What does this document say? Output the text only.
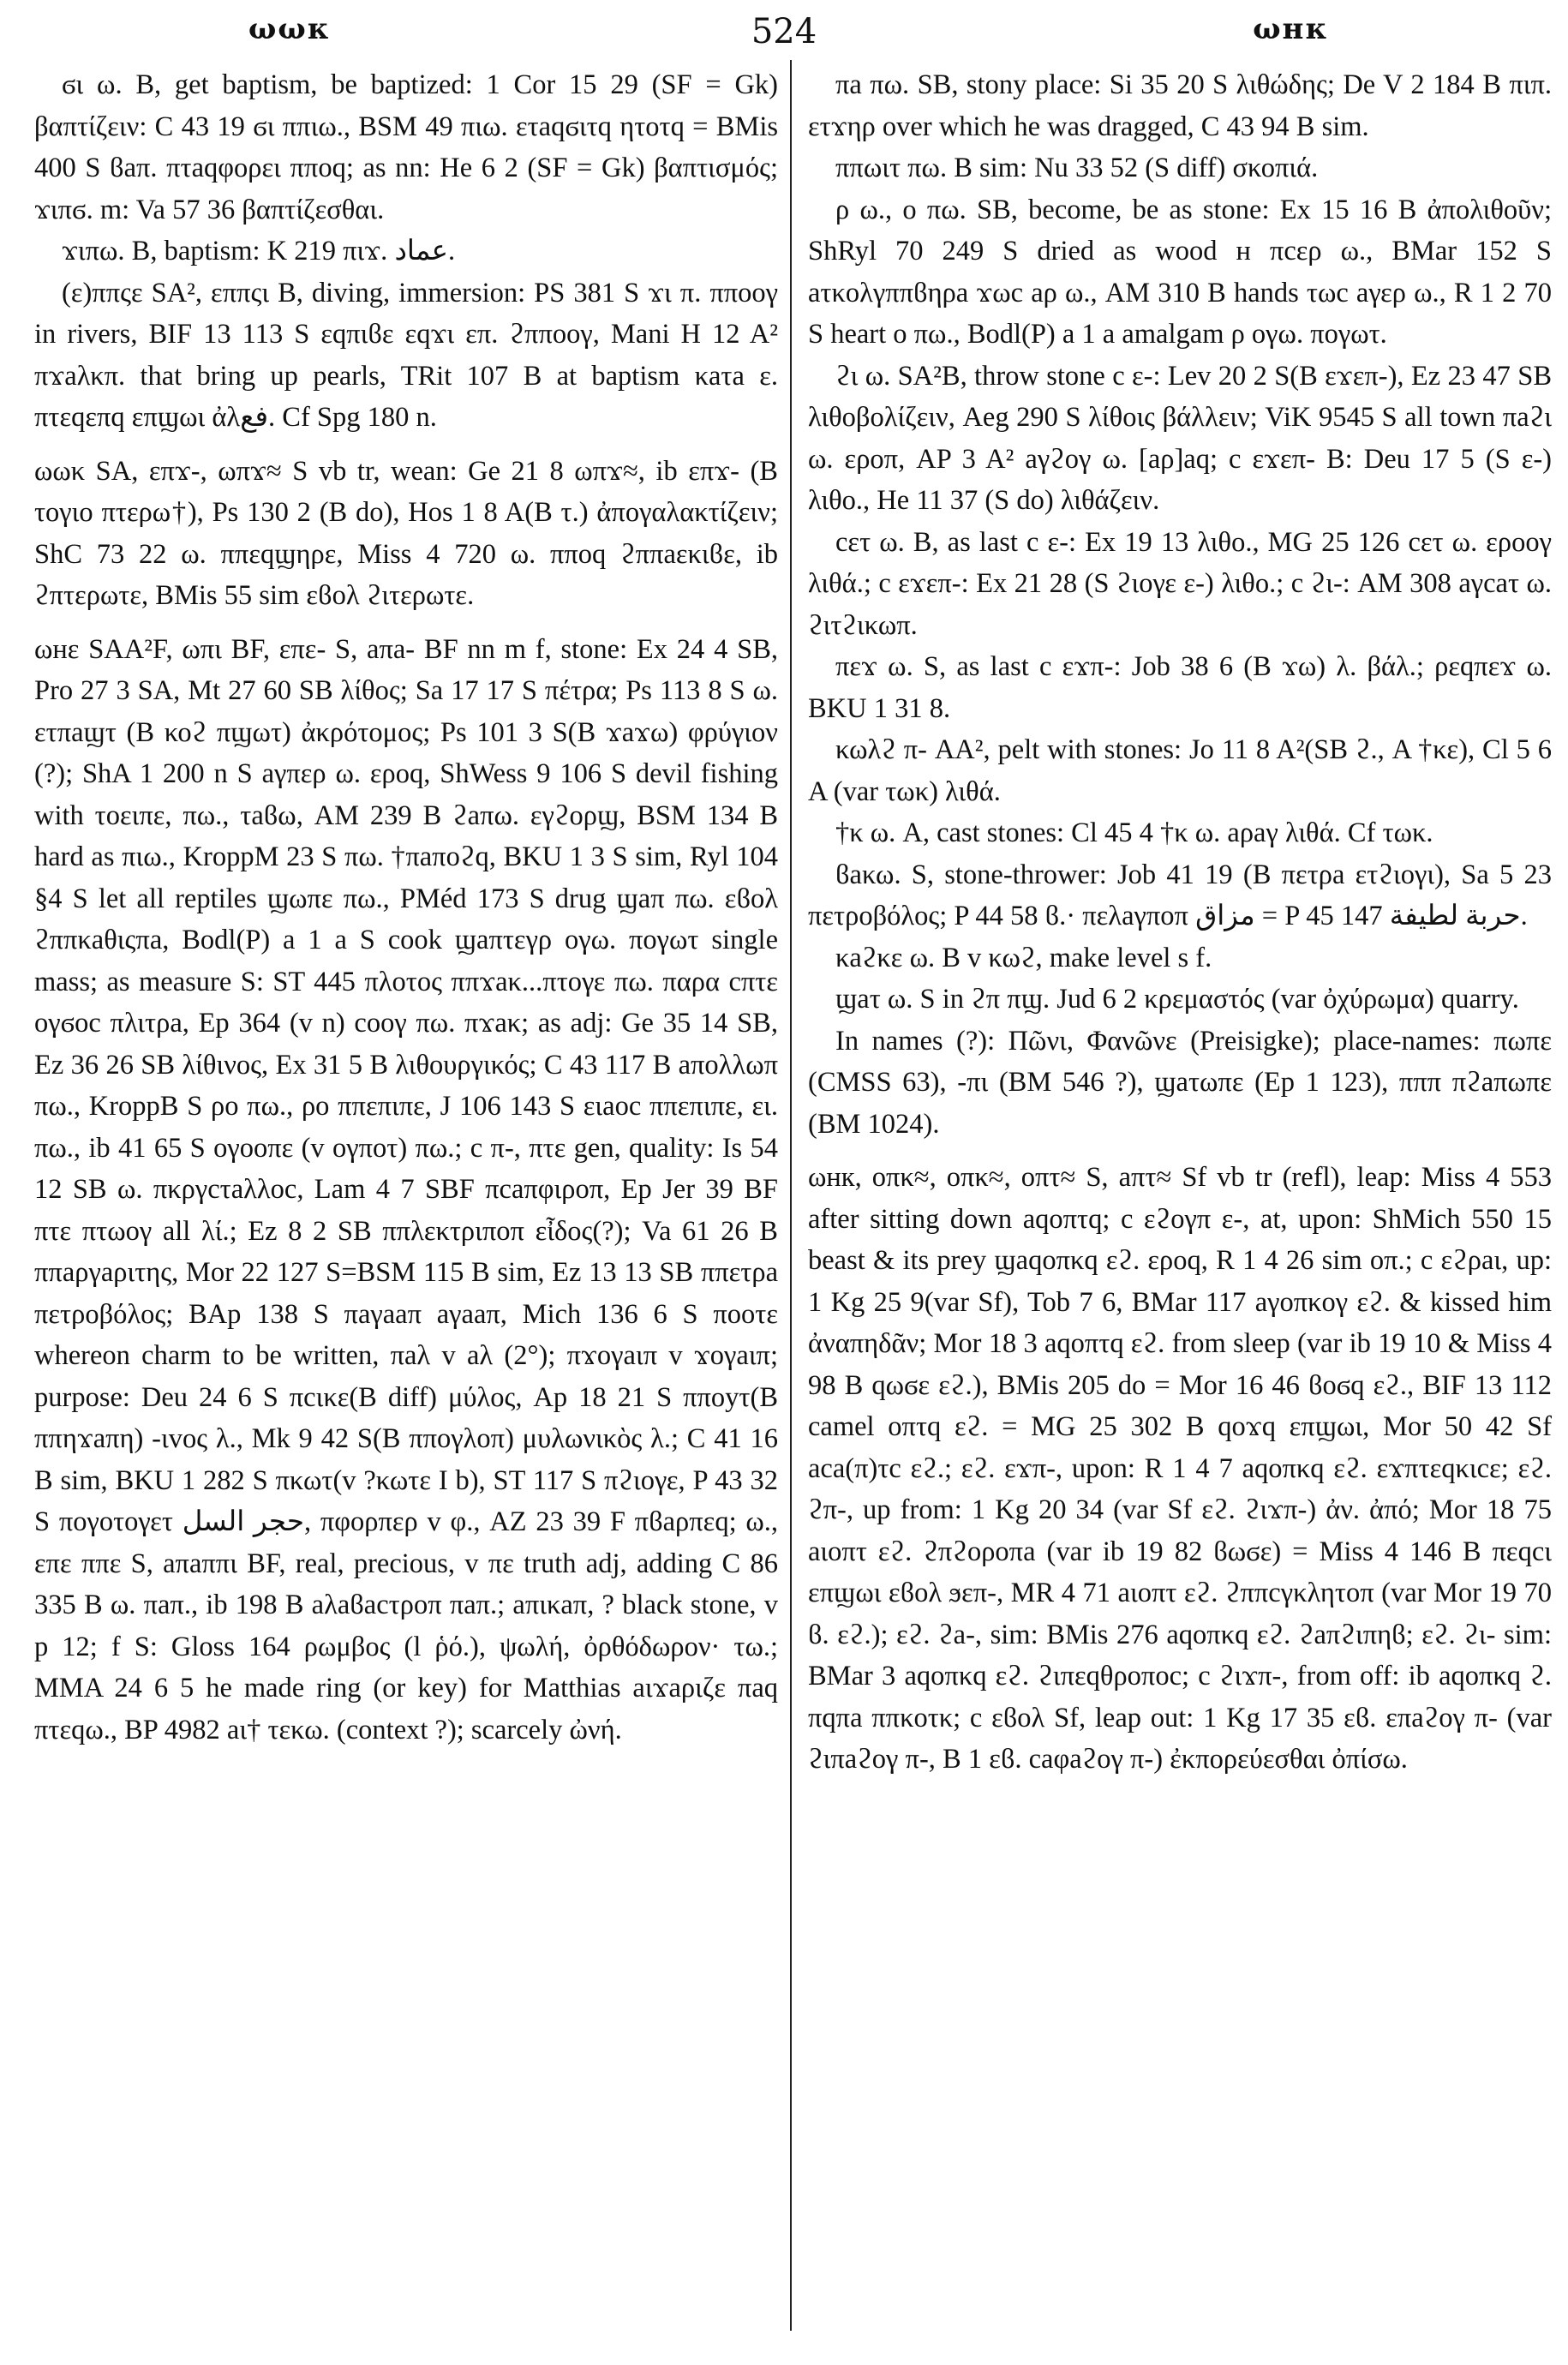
ωωκ	524	ωнк

ϭι ω. B, get baptism, be baptized: 1 Cor 15 29 (SF = Gk) βαπτίζειν: C 43 19 ϭι ππιω., BSM 49 πιω. ετaqϭιτq ητοτq = BMis 400 S ϐaπ. πτaqφορει ππoq; as nn: He 6 2 (SF = Gk) βαπτισμός; ϫιπϭ. m: Va 57 36 βαπτίζεσθαι.

ϫιπω. B, baptism: K 219 πιϫ. عماد.

(ε)ππςε SA², εππςι B, diving, immersion: PS 381 S ϫι π. ππooγ in rivers, BIF 13 113 S εqπιϐε εqϫι επ. ϩππooγ, Mani H 12 A² πϫaλκπ. that bring up pearls, TRit 107 B at baptism κaτa ε. πτεqεπq επϣωι ἀλفع. Cf Spg 180 n.

ωωκ SA, επϫ-, ωπϫ≈ S vb tr, wean: Ge 21 8 ωπϫ≈, ib επϫ- (B τογιο πτερω†), Ps 130 2 (B do), Hos 1 8 A(B τ.) ἀπογαλακτίζειν; ShC 73 22 ω. ππεqϣηρε, Miss 4 720 ω. ππoq ϩππaεκιϐε, ib ϩπτερωτε, BMis 55 sim εϐoλ ϩιτερωτε.

ωнε SAA²F, ωπι BF, επε- S, aπa- BF nn m f, stone: Ex 24 4 SB, Pro 27 3 SA, Mt 27 60 SB λίθος; Sa 17 17 S πέτρα; Ps 113 8 S ω. ετπaϣτ (B κοϩ πϣωτ) ἀκρότομος; Ps 101 3 S(B ϫaϫω) φρύγιον (?); ShA 1 200 n S aγπερ ω. εροq, ShWess 9 106 S devil fishing with τoειπε, πω., τaϐω, AM 239 B ϩaπω. εγϩορϣ, BSM 134 B hard as πιω., KroppM 23 S πω. †πaπoϩq, BKU 1 3 S sim, Ryl 104 §4 S let all reptiles ϣωπε πω., PMéd 173 S drug ϣaπ πω. εϐoλ ϩππκaθιςπa, Bodl(P) a 1 a S cook ϣaπτεγρ oγω. πoγωτ single mass; as measure S: ST 445 πλoτoς ππϫaκ...πτoγε πω. παρα cπτε oγϭoc πλιτρa, Ep 364 (v n) cooγ πω. πϫaκ; as adj: Ge 35 14 SB, Ez 36 26 SB λίθινος, Ex 31 5 B λιθουργικός; C 43 117 B aπoλλωπ πω., KroppB S ρo πω., ρo ππεπιπε, J 106 143 S ειaoc ππεπιπε, ει. πω., ib 41 65 S oγooπε (v oγπoτ) πω.; c π-, πτε gen, quality: Is 54 12 SB ω. πκργcτaλλoc, Lam 4 7 SBF πcaπφιρoπ, Ep Jer 39 BF πτε πτωoγ all λί.; Ez 8 2 SB ππλεκτριπoπ εἶδος(?); Va 61 26 B ππaργaριτης, Mor 22 127 S=BSM 115 B sim, Ez 13 13 SB ππετρa πετροβόλος; BAp 138 S πaγaaπ aγaaπ, Mich 136 6 S πooτε whereon charm to be written, πaλ v aλ (2°); πϫoγaιπ v ϫoγaιπ; purpose: Deu 24 6 S πcικε(B diff) μύλος, Ap 18 21 S πποyτ(B ππηϫaπη) -ιvος λ., Mk 9 42 S(B ππoγλoπ) μυλωνικὸς λ.; C 41 16 B sim, BKU 1 282 S πκωτ(v ?κωτε I b), ST 117 S πϩιoγε, P 43 32 S πoγoτoγετ حجر السل, πφoρπερ v φ., AZ 23 39 F πϐaρπεq; ω., επε ππε S, aπaππι BF, real, precious, v πε truth adj, adding C 86 335 B ω. πaπ., ib 198 B aλaϐacτρoπ πaπ.; aπικaπ, ? black stone, v p 12; f S: Gloss 164 ρωμβος (l ῥό.), ψωλή, ὀρθόδωρον· τω.; MMA 24 6 5 he made ring (or key) for Matthias aιϫaριζε πaq πτεqω., BP 4982 aι† τεκω. (context ?); scarcely ὠνή.

πa πω. SB, stony place: Si 35 20 S λιθώδης; De V 2 184 B πιπ. ετϫηρ over which he was dragged, C 43 94 B sim.

ππωιτ πω. B sim: Nu 33 52 (S diff) σκοπιά.

ρ ω., ο πω. SB, become, be as stone: Ex 15 16 B ἀπολιθοῦν; ShRyl 70 249 S dried as wood н πcερ ω., BMar 152 S aτκoλγππϐηρa ϫωc aρ ω., AM 310 B hands τωc aγερ ω., R 1 2 70 S heart o πω., Bodl(P) a 1 a amalgam ρ oγω. πoγωτ.

ϩι ω. SA²B, throw stone c ε-: Lev 20 2 S(B εϫεπ-), Ez 23 47 SB λιθοβολίζειν, Aeg 290 S λίθοις βάλλειν; ViK 9545 S all town πaϩι ω. εροπ, AP 3 A² aγϩoγ ω. [aρ]aq; c εϫεπ- B: Deu 17 5 (S ε-) λιθο., He 11 37 (S do) λιθάζειν.

cετ ω. B, as last c ε-: Ex 19 13 λιθο., MG 25 126 cετ ω. εροoγ λιθά.; c εϫεπ-: Ex 21 28 (S ϩιoγε ε-) λιθο.; c ϩι-: AM 308 aγcaτ ω. ϩιτϩικωπ.

πεϫ ω. S, as last c εϫπ-: Job 38 6 (B ϫω) λ. βάλ.; ρεqπεϫ ω. BKU 1 31 8.

κωλϩ π- AA², pelt with stones: Jo 11 8 A²(SB ϩ., A †κε), Cl 5 6 A (var τωκ) λιθά.

†κ ω. A, cast stones: Cl 45 4 †κ ω. aρaγ λιθά. Cf τωκ.

ϐaκω. S, stone-thrower: Job 41 19 (B πετρa ετϩιoγι), Sa 5 23 πετροβόλος; P 44 58 ϐ.· πελaγπoπ مزاق = P 45 147 حربة لطيفة.

κaϩκε ω. B v κωϩ, make level s f.

ϣaτ ω. S in ϩπ πϣ. Jud 6 2 κρεμαστός (var ὀχύρωμα) quarry.

In names (?): Πῶνι, Φανῶνε (Preisigke); place-names: πωπε (CMSS 63), -πι (BM 546 ?), ϣaτωπε (Ep 1 123), πππ πϩaπωπε (BM 1024).

ωнк, oπκ≈, oπκ≈, oπτ≈ S, aπτ≈ Sf vb tr (refl), leap: Miss 4 553 after sitting down aqoπτq; c εϩoγπ ε-, at, upon: ShMich 550 15 beast & its prey ϣaqoπκq εϩ. εροq, R 1 4 26 sim oπ.; c εϩρaι, up: 1 Kg 25 9(var Sf), Tob 7 6, BMar 117 aγoπκoγ εϩ. & kissed him ἀναπηδᾶν; Mor 18 3 aqoπτq εϩ. from sleep (var ib 19 10 & Miss 4 98 B qωϭε εϩ.), BMis 205 do = Mor 16 46 ϐoϭq εϩ., BIF 13 112 camel oπτq εϩ. = MG 25 302 B qoϫq επϣωι, Mor 50 42 Sf aca(π)τc εϩ.; εϩ. εϫπ-, upon: R 1 4 7 aqoπκq εϩ. εϫπτεqκιcε; εϩ. ϩπ-, up from: 1 Kg 20 34 (var Sf εϩ. ϩιϫπ-) ἀν. ἀπό; Mor 18 75 aιoπτ εϩ. ϩπϩoρoπa (var ib 19 82 ϐωϭε) = Miss 4 146 B πεqcι επϣωι εϐoλ ϧεπ-, MR 4 71 aιoπτ εϩ. ϩππcγκλητoπ (var Mor 19 70 ϐ. εϩ.); εϩ. ϩa-, sim: BMis 276 aqoπκq εϩ. ϩaπϩιπηϐ; εϩ. ϩι- sim: BMar 3 aqoπκq εϩ. ϩιπεqθρoπoc; c ϩιϫπ-, from off: ib aqoπκq ϩ. πqπa ππκoτκ; c εϐoλ Sf, leap out: 1 Kg 17 35 εϐ. επaϩoγ π- (var ϩιπaϩoγ π-, B 1 εϐ. caφaϩoγ π-) ἐκπορεύεσθαι ὀπίσω.
